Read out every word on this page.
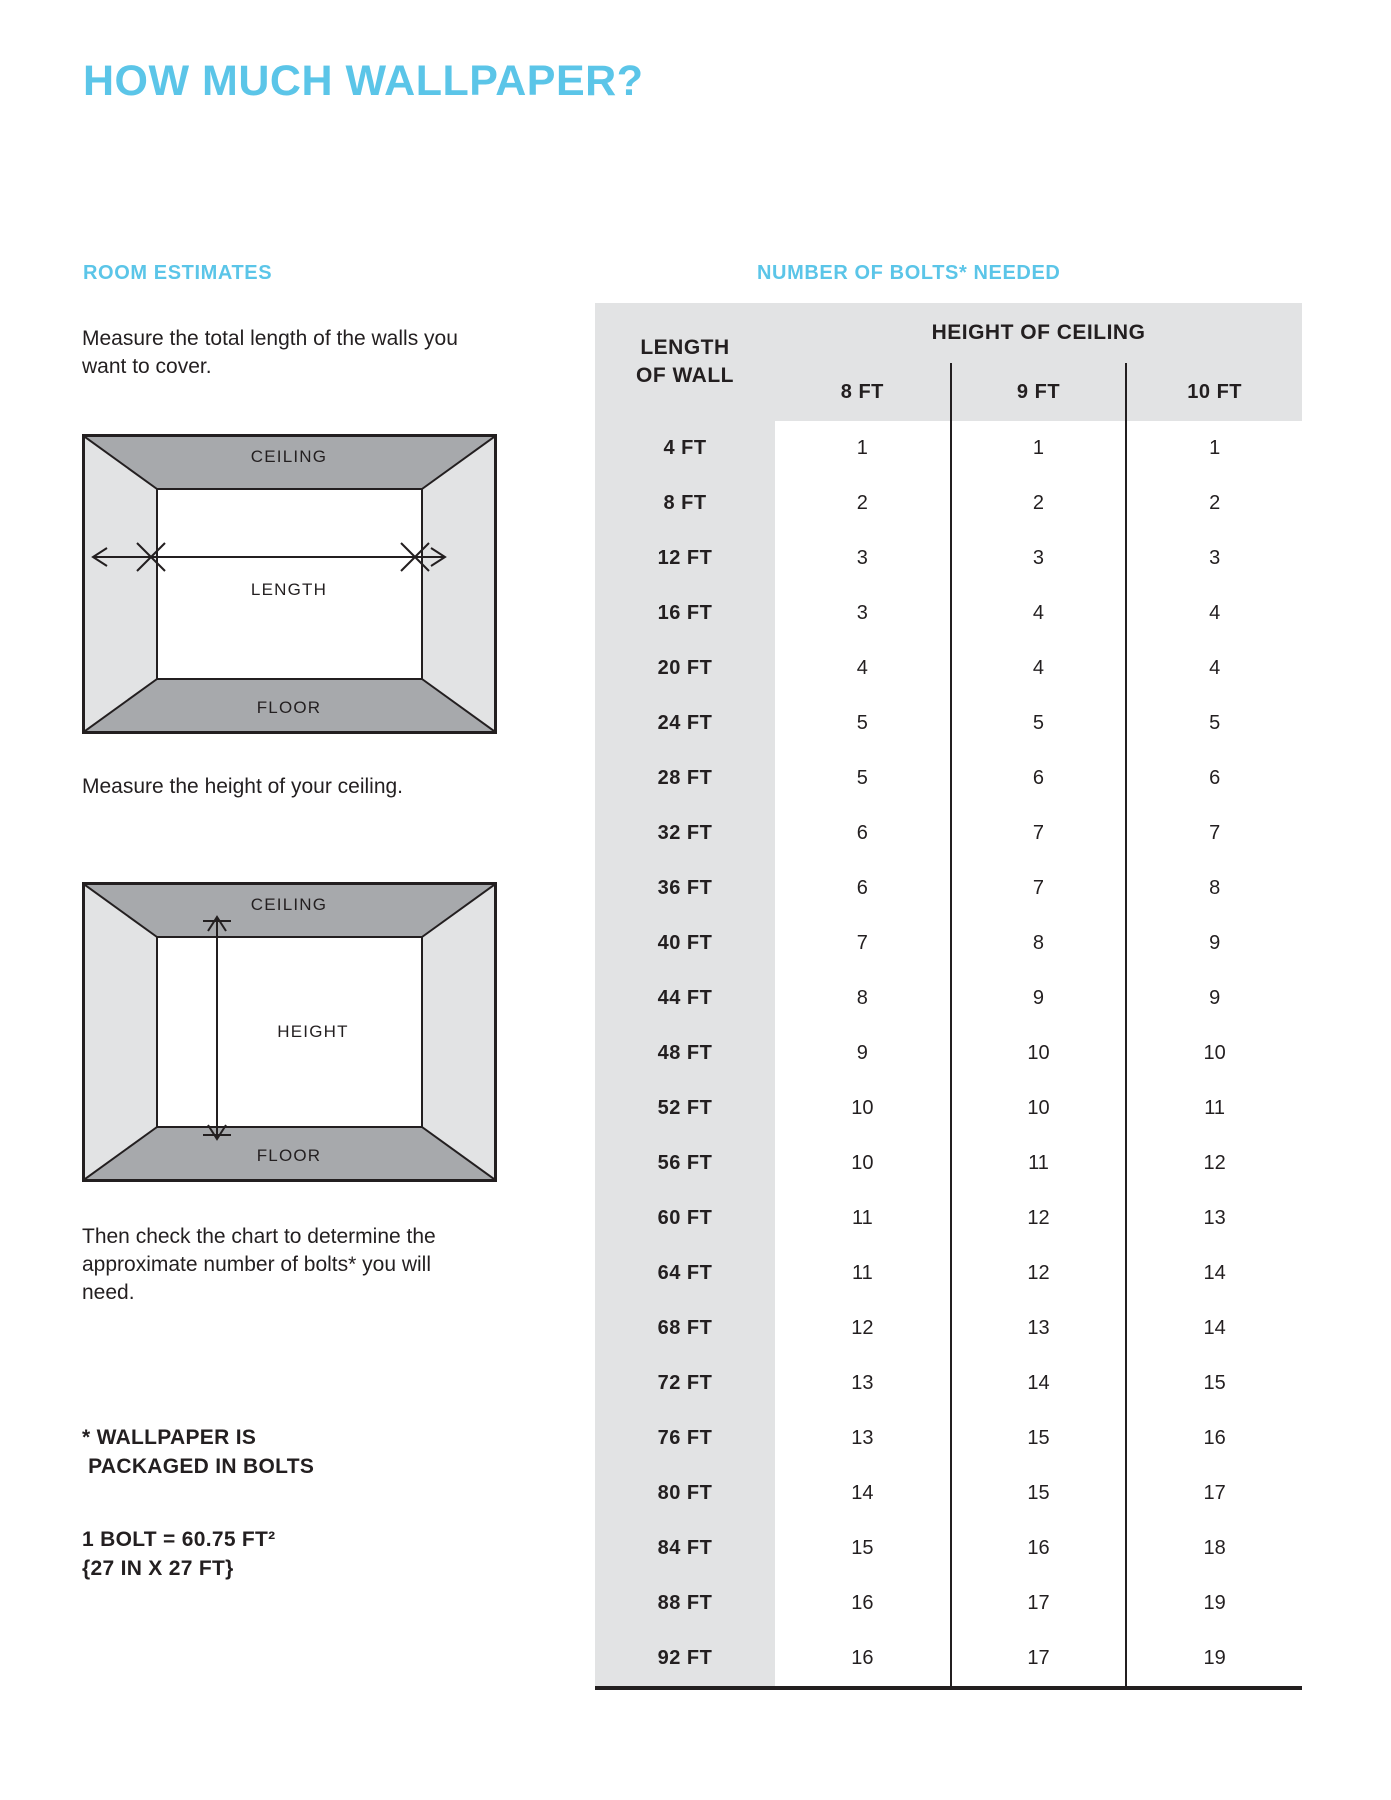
HOW MUCH WALLPAPER?
ROOM ESTIMATES	NUMBER OF BOLTS* NEEDED
Measure the total length of the walls you want to cover.
LENGTH
CEILING
FLOOR
Measure the height of your ceiling.
HEIGHT
CEILING
FLOOR
Then check the chart to determine the approximate number of bolts* you will need.
* WALLPAPER IS
PACKAGED IN BOLTS
1 BOLT = 60.75 FT²
{27 IN X 27 FT}
LENGTH
OF WALL	HEIGHT OF CEILING		
	8 FT	9 FT	10 FT
4 FT	1	1	1
8 FT	2	2	2
12 FT	3	3	3
16 FT	3	4	4
20 FT	4	4	4
24 FT	5	5	5
28 FT	5	6	6
32 FT	6	7	7
36 FT	6	7	8
40 FT	7	8	9
44 FT	8	9	9
48 FT	9	10	10
52 FT	10	10	11
56 FT	10	11	12
60 FT	11	12	13
64 FT	11	12	14
68 FT	12	13	14
72 FT	13	14	15
76 FT	13	15	16
80 FT	14	15	17
84 FT	15	16	18
88 FT	16	17	19
92 FT	16	17	19
